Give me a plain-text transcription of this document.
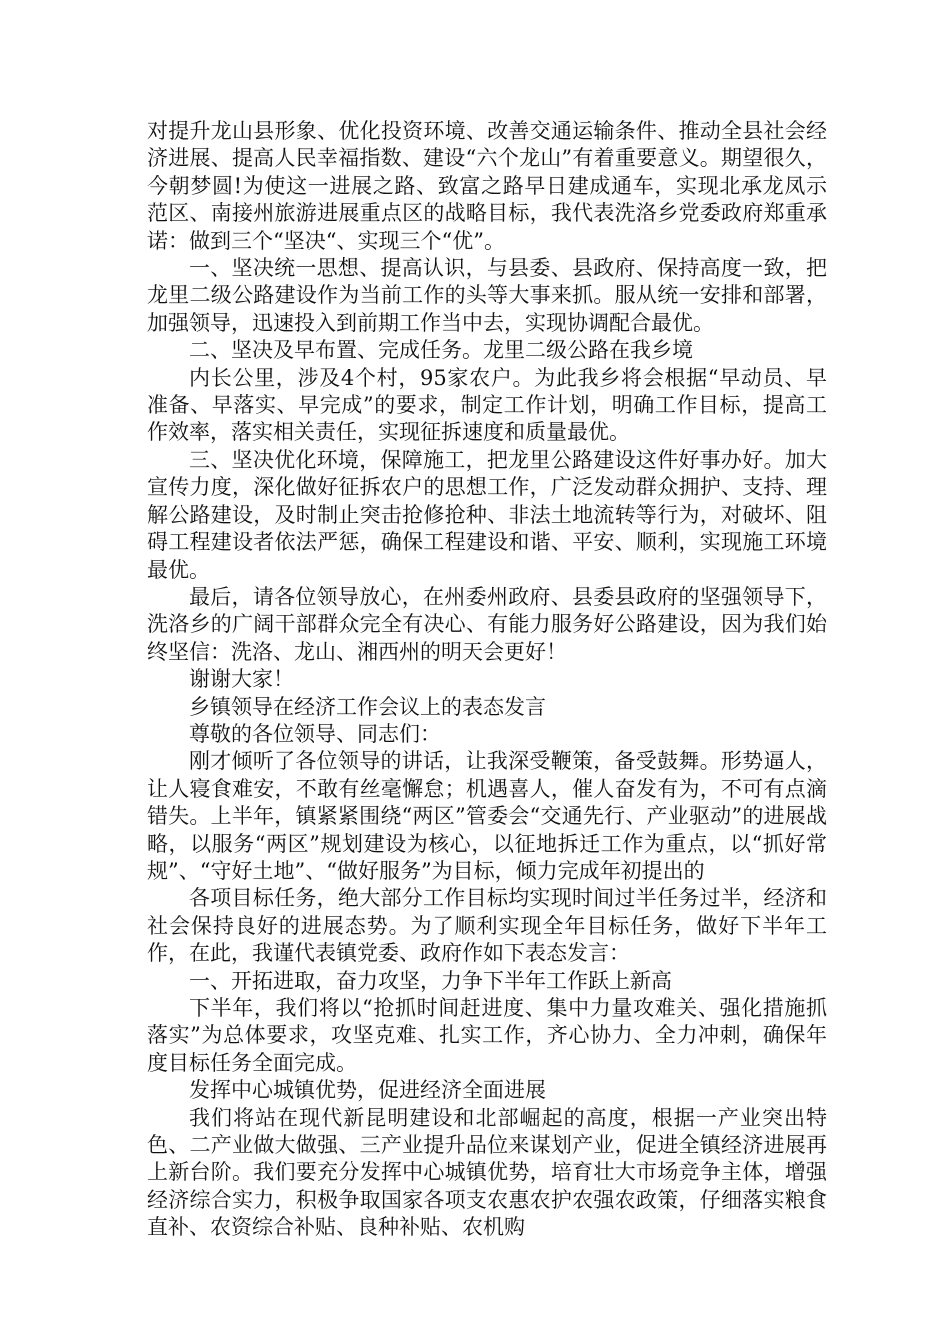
对提升龙山县形象、优化投资环境、改善交通运输条件、推动全县社会经济进展、提高人民幸福指数、建设“六个龙山”有着重要意义。期望很久，今朝梦圆!为使这一进展之路、致富之路早日建成通车，实现北承龙凤示范区、南接州旅游进展重点区的战略目标，我代表洗洛乡党委政府郑重承诺：做到三个“坚决“、实现三个“优”。

一、坚决统一思想、提高认识，与县委、县政府、保持高度一致，把龙里二级公路建设作为当前工作的头等大事来抓。服从统一安排和部署，加强领导，迅速投入到前期工作当中去，实现协调配合最优。

二、坚决及早布置、完成任务。龙里二级公路在我乡境

内长公里，涉及4个村，95家农户。为此我乡将会根据“早动员、早准备、早落实、早完成”的要求，制定工作计划，明确工作目标，提高工作效率，落实相关责任，实现征拆速度和质量最优。

三、坚决优化环境，保障施工，把龙里公路建设这件好事办好。加大宣传力度，深化做好征拆农户的思想工作，广泛发动群众拥护、支持、理解公路建设，及时制止突击抢修抢种、非法土地流转等行为，对破坏、阻碍工程建设者依法严惩，确保工程建设和谐、平安、顺利，实现施工环境最优。

最后，请各位领导放心，在州委州政府、县委县政府的坚强领导下，洗洛乡的广阔干部群众完全有决心、有能力服务好公路建设，因为我们始终坚信：洗洛、龙山、湘西州的明天会更好！

谢谢大家！

乡镇领导在经济工作会议上的表态发言

尊敬的各位领导、同志们：

刚才倾听了各位领导的讲话，让我深受鞭策，备受鼓舞。形势逼人，让人寝食难安，不敢有丝毫懈怠；机遇喜人，催人奋发有为，不可有点滴错失。上半年，镇紧紧围绕“两区”管委会“交通先行、产业驱动”的进展战略，以服务“两区”规划建设为核心，以征地拆迁工作为重点，以“抓好常规”、“守好土地”、“做好服务”为目标，倾力完成年初提出的

各项目标任务，绝大部分工作目标均实现时间过半任务过半，经济和社会保持良好的进展态势。为了顺利实现全年目标任务，做好下半年工作，在此，我谨代表镇党委、政府作如下表态发言：

一、开拓进取，奋力攻坚，力争下半年工作跃上新高

下半年，我们将以“抢抓时间赶进度、集中力量攻难关、强化措施抓落实”为总体要求，攻坚克难、扎实工作，齐心协力、全力冲刺，确保年度目标任务全面完成。

发挥中心城镇优势，促进经济全面进展

我们将站在现代新昆明建设和北部崛起的高度，根据一产业突出特色、二产业做大做强、三产业提升品位来谋划产业，促进全镇经济进展再上新台阶。我们要充分发挥中心城镇优势，培育壮大市场竞争主体，增强经济综合实力，积极争取国家各项支农惠农护农强农政策，仔细落实粮食直补、农资综合补贴、良种补贴、农机购
